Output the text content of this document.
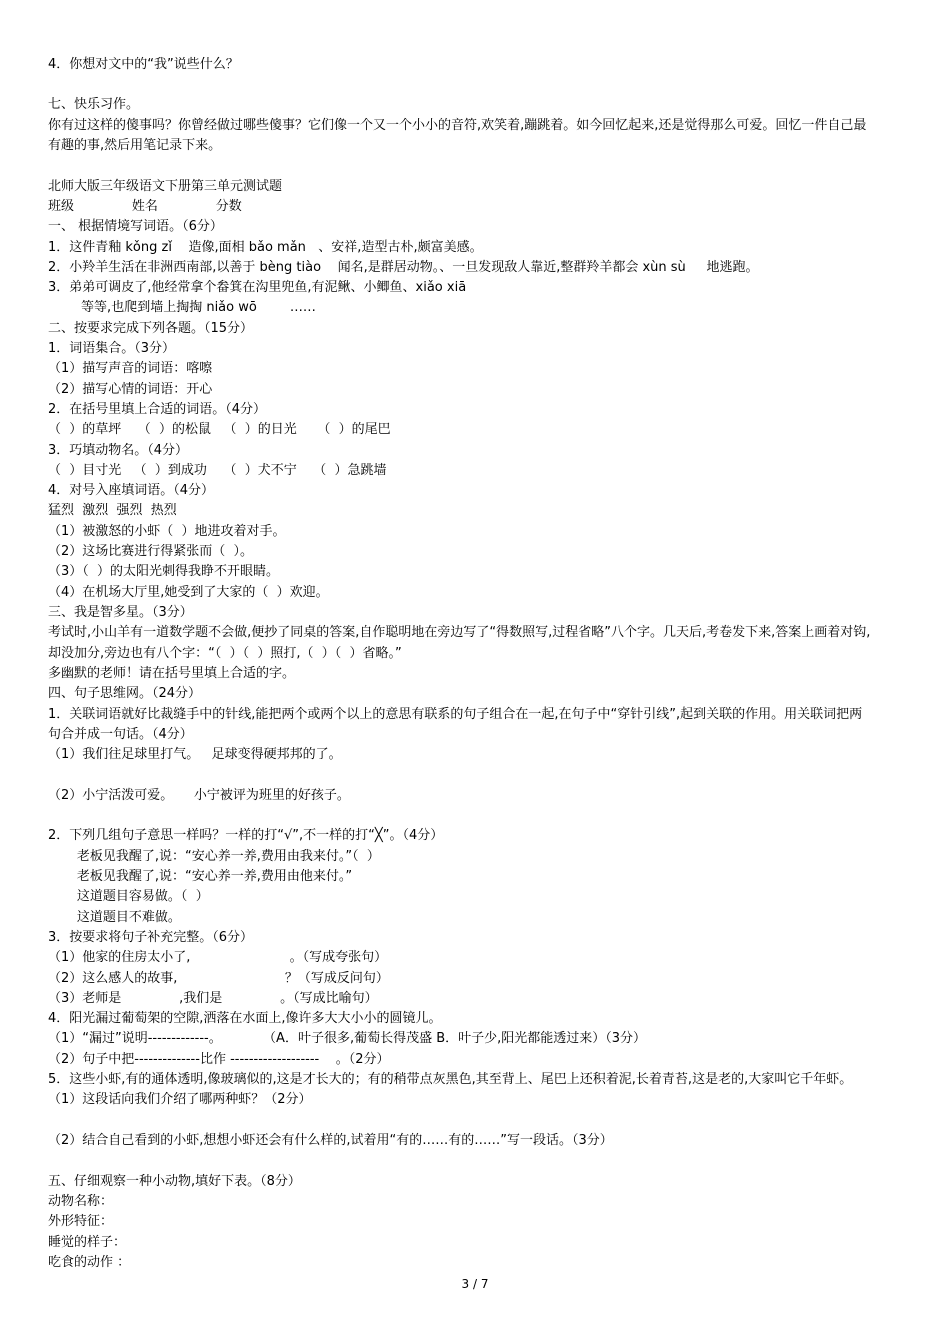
4．你想对文中的“我”说些什么？
七、快乐习作。
你有过这样的傻事吗？你曾经做过哪些傻事？它们像一个又一个小小的音符,欢笑着,蹦跳着。如今回忆起来,还是觉得那么可爱。回忆一件自己最
有趣的事,然后用笔记录下来。
北师大版三年级语文下册第三单元测试题
班级              姓名              分数
一、 根据情境写词语。（6分）
1．这件青釉 kǒng zǐ    造像,面相 bǎo mǎn   、安祥,造型古朴,颇富美感。
2．小羚羊生活在非洲西南部,以善于 bèng tiào    闻名,是群居动物。、一旦发现敌人靠近,整群羚羊都会 xùn sù     地逃跑。
3．弟弟可调皮了,他经常拿个畚箕在沟里兜鱼,有泥鳅、小鲫鱼、xiǎo xiā
等等,也爬到墙上掏掏 niǎo wō        ……
二、按要求完成下列各题。（15分）
1．词语集合。（3分）
（1）描写声音的词语：喀嚓
（2）描写心情的词语：开心
2．在括号里填上合适的词语。（4分）
（  ）的草坪    （  ）的松鼠   （  ）的日光     （  ）的尾巴
3．巧填动物名。（4分）
（  ）目寸光   （  ）到成功    （  ）犬不宁    （  ）急跳墙
4．对号入座填词语。（4分）
猛烈  激烈  强烈  热烈
（1）被激怒的小虾（  ）地进攻着对手。
（2）这场比赛进行得紧张而（  ）。
（3）（  ）的太阳光刺得我睁不开眼睛。
（4）在机场大厅里,她受到了大家的（  ）欢迎。
三、我是智多星。（3分）
考试时,小山羊有一道数学题不会做,便抄了同桌的答案,自作聪明地在旁边写了“得数照写,过程省略”八个字。几天后,考卷发下来,答案上画着对钩,
却没加分,旁边也有八个字：“（  ）（  ）照打,（  ）（  ）省略。”
多幽默的老师！请在括号里填上合适的字。
四、句子思维网。（24分）
1．关联词语就好比裁缝手中的针线,能把两个或两个以上的意思有联系的句子组合在一起,在句子中“穿针引线”,起到关联的作用。用关联词把两
句合并成一句话。（4分）
（1）我们往足球里打气。   足球变得硬邦邦的了。
（2）小宁活泼可爱。     小宁被评为班里的好孩子。
2．下列几组句子意思一样吗？一样的打“√”,不一样的打“╳”。（4分）
老板见我醒了,说：“安心养一养,费用由我来付。”（  ）
老板见我醒了,说：“安心养一养,费用由他来付。”
这道题目容易做。（  ）
这道题目不难做。
3．按要求将句子补充完整。（6分）
（1）他家的住房太小了,                        。（写成夸张句）
（2）这么感人的故事,                          ？（写成反问句）
（3）老师是              ,我们是              。（写成比喻句）
4．阳光漏过葡萄架的空隙,洒落在水面上,像许多大大小小的圆镜儿。
（1）“漏过”说明-------------。          （A．叶子很多,葡萄长得茂盛 B．叶子少,阳光都能透过来）（3分）
（2）句子中把--------------比作 -------------------    。（2分）
5．这些小虾,有的通体透明,像玻璃似的,这是才长大的；有的稍带点灰黑色,其至背上、尾巴上还积着泥,长着青苔,这是老的,大家叫它千年虾。
（1）这段话向我们介绍了哪两种虾？（2分）
（2）结合自己看到的小虾,想想小虾还会有什么样的,试着用“有的……有的……”写一段话。（3分）
五、仔细观察一种小动物,填好下表。（8分）
动物名称：
外形特征：
睡觉的样子：
吃食的动作 ：
3 / 7
